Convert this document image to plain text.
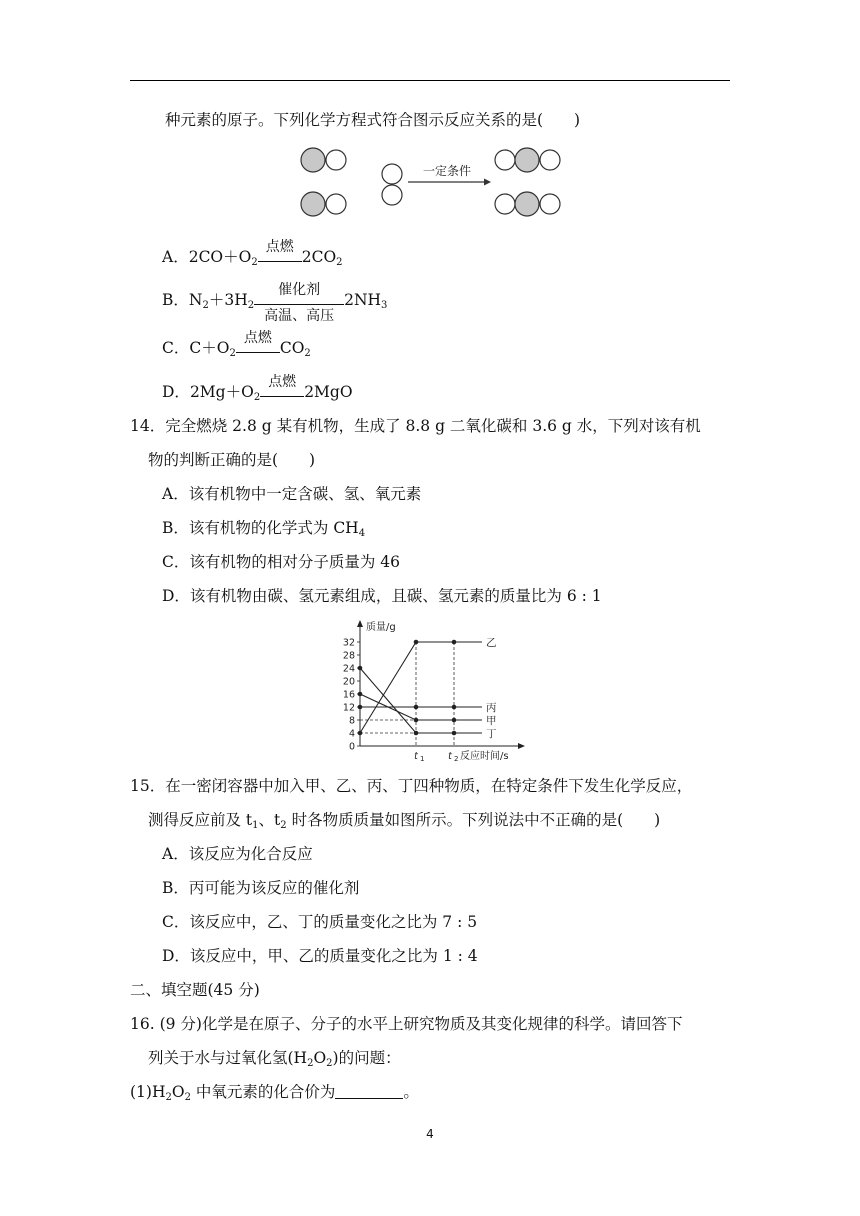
种元素的原子。下列化学方程式符合图示反应关系的是(　　)
一定条件
A．$2CO+O_2$
点燃
$2CO_2$
B．$N_2+3H_2$
催化剂
高温、高压
$2NH_3$
C．$C+O_2$
点燃
$CO_2$
D．$2Mg+O_2$
点燃
2MgO
14．完全燃烧 2.8 g 某有机物，生成了 8.8 g 二氧化碳和 3.6 g 水，下列对该有机
物的判断正确的是(　　)
A．该有机物中一定含碳、氢、氧元素
B．该有机物的化学式为 $CH_4$
C．该有机物的相对分子质量为 46
D．该有机物由碳、氢元素组成，且碳、氢元素的质量比为 6 : 1
质量/g
0
4
8
12
16
20
24
28
32
t 1 t 2 反应时间/s
乙
丙
甲
丁
15．在一密闭容器中加入甲、乙、丙、丁四种物质，在特定条件下发生化学反应，
测得反应前及 $t_1$、$t_2$ 时各物质质量如图所示。下列说法中不正确的是(　　)
A．该反应为化合反应
B．丙可能为该反应的催化剂
C．该反应中，乙、丁的质量变化之比为 7 : 5
D．该反应中，甲、乙的质量变化之比为 1 : 4
二、填空题(45 分)
16. (9 分)化学是在原子、分子的水平上研究物质及其变化规律的科学。请回答下
列关于水与过氧化氢$(H_2O_2)$的问题：
$(1)H_2O_2$ 中氧元素的化合价为	。
4
